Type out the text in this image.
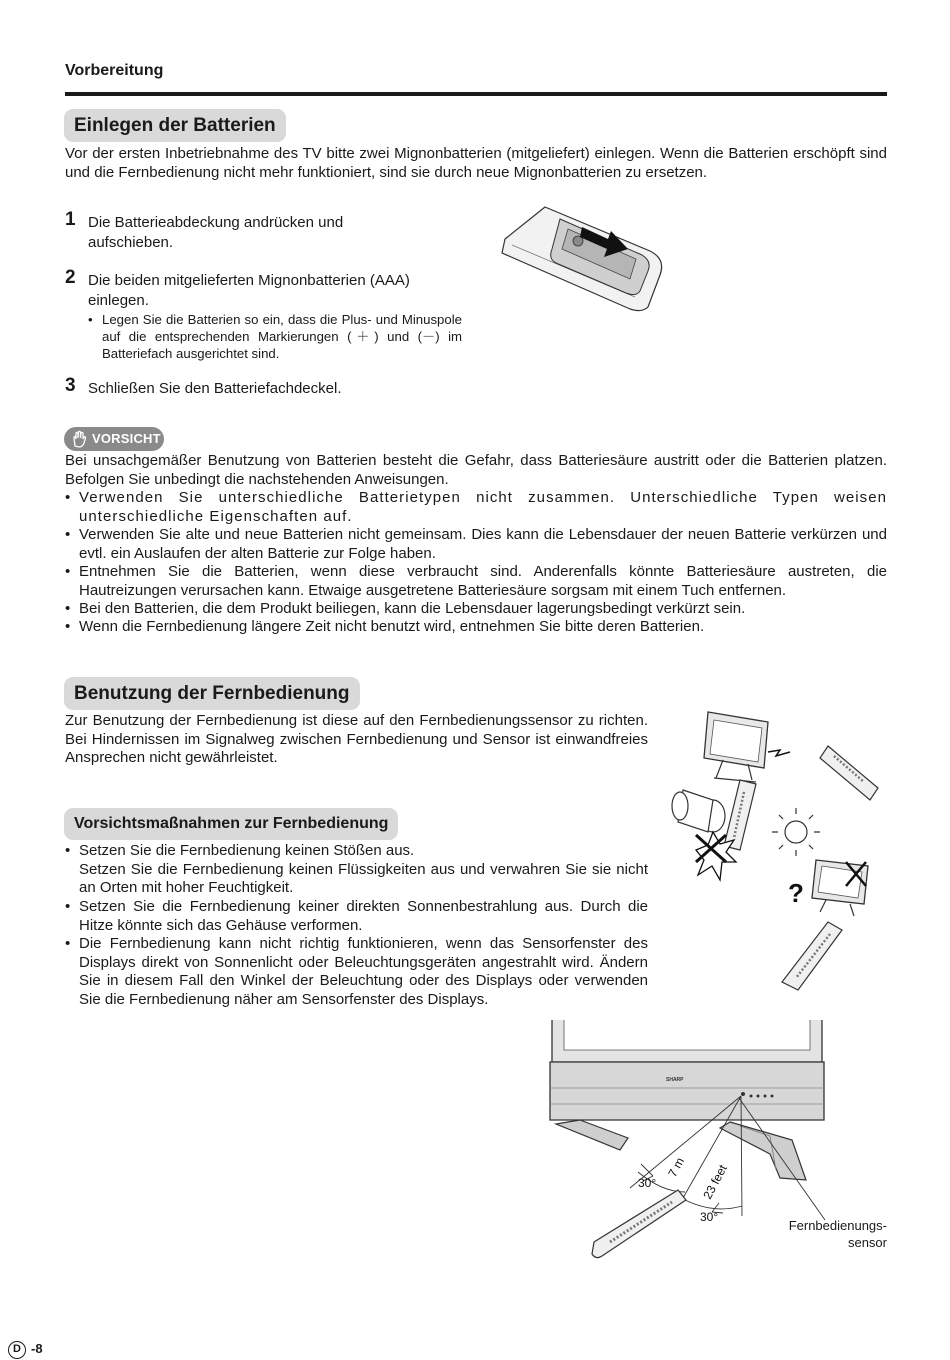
Vorbereitung
Einlegen der Batterien
Vor der ersten Inbetriebnahme des TV bitte zwei Mignonbatterien (mitgeliefert) einlegen. Wenn die Batterien erschöpft sind und die Fernbedienung nicht mehr funktioniert, sind sie durch neue Mignonbatterien zu ersetzen.
1 Die Batterieabdeckung andrücken und aufschieben.
2 Die beiden mitgelieferten Mignonbatterien (AAA) einlegen.
• Legen Sie die Batterien so ein, dass die Plus- und Minuspole auf die entsprechenden Markierungen (＋) und (－) im Batteriefach ausgerichtet sind.
3 Schließen Sie den Batteriefachdeckel.
VORSICHT
Bei unsachgemäßer Benutzung von Batterien besteht die Gefahr, dass Batteriesäure austritt oder die Batterien platzen. Befolgen Sie unbedingt die nachstehenden Anweisungen.
• Verwenden Sie unterschiedliche Batterietypen nicht zusammen. Unterschiedliche Typen weisen unterschiedliche Eigenschaften auf.
• Verwenden Sie alte und neue Batterien nicht gemeinsam. Dies kann die Lebensdauer der neuen Batterie verkürzen und evtl. ein Auslaufen der alten Batterie zur Folge haben.
• Entnehmen Sie die Batterien, wenn diese verbraucht sind. Anderenfalls könnte Batteriesäure austreten, die Hautreizungen verursachen kann. Etwaige ausgetretene Batteriesäure sorgsam mit einem Tuch entfernen.
• Bei den Batterien, die dem Produkt beiliegen, kann die Lebensdauer lagerungsbedingt verkürzt sein.
• Wenn die Fernbedienung längere Zeit nicht benutzt wird, entnehmen Sie bitte deren Batterien.
Benutzung der Fernbedienung
Zur Benutzung der Fernbedienung ist diese auf den Fernbedienungssensor zu richten. Bei Hindernissen im Signalweg zwischen Fernbedienung und Sensor ist einwandfreies Ansprechen nicht gewährleistet.
Vorsichtsmaßnahmen zur Fernbedienung
• Setzen Sie die Fernbedienung keinen Stößen aus.
Setzen Sie die Fernbedienung keinen Flüssigkeiten aus und verwahren Sie sie nicht an Orten mit hoher Feuchtigkeit.
• Setzen Sie die Fernbedienung keiner direkten Sonnenbestrahlung aus. Durch die Hitze könnte sich das Gehäuse verformen.
• Die Fernbedienung kann nicht richtig funktionieren, wenn das Sensorfenster des Displays direkt von Sonnenlicht oder Beleuchtungsgeräten angestrahlt wird. Ändern Sie in diesem Fall den Winkel der Beleuchtung oder des Displays oder verwenden Sie die Fernbedienung näher am Sensorfenster des Displays.
?
SHARP
30°
30°
7 m 23 feet
Fernbedienungs-
sensor
D -8
